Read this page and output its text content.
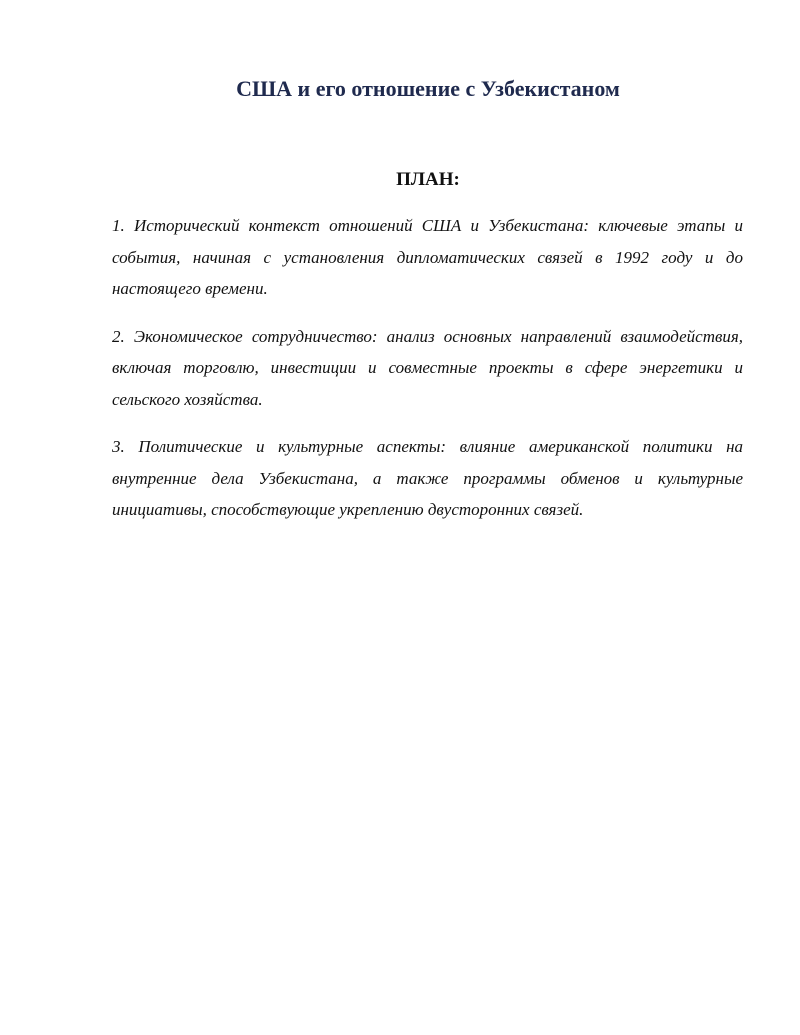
США и его отношение с Узбекистаном
ПЛАН:
1. Исторический контекст отношений США и Узбекистана: ключевые этапы и события, начиная с установления дипломатических связей в 1992 году и до настоящего времени.
2. Экономическое сотрудничество: анализ основных направлений взаимодействия, включая торговлю, инвестиции и совместные проекты в сфере энергетики и сельского хозяйства.
3. Политические и культурные аспекты: влияние американской политики на внутренние дела Узбекистана, а также программы обменов и культурные инициативы, способствующие укреплению двусторонних связей.
